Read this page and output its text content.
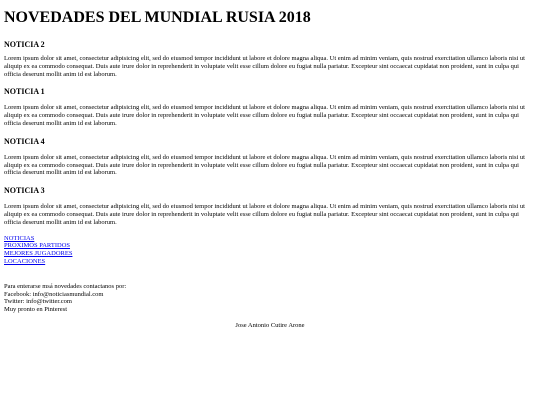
NOVEDADES DEL MUNDIAL RUSIA 2018
NOTICIA 2

Lorem ipsum dolor sit amet, consectetur adipisicing elit, sed do eiusmod tempor incididunt ut labore et dolore magna aliqua. Ut enim ad minim veniam, quis nostrud exercitation ullamco laboris nisi ut aliquip ex ea commodo consequat. Duis aute irure dolor in reprehenderit in voluptate velit esse cillum dolore eu fugiat nulla pariatur. Excepteur sint occaecat cupidatat non proident, sunt in culpa qui officia deserunt mollit anim id est laborum.

NOTICIA 1

Lorem ipsum dolor sit amet, consectetur adipisicing elit, sed do eiusmod tempor incididunt ut labore et dolore magna aliqua. Ut enim ad minim veniam, quis nostrud exercitation ullamco laboris nisi ut aliquip ex ea commodo consequat. Duis aute irure dolor in reprehenderit in voluptate velit esse cillum dolore eu fugiat nulla pariatur. Excepteur sint occaecat cupidatat non proident, sunt in culpa qui officia deserunt mollit anim id est laborum.

NOTICIA 4

Lorem ipsum dolor sit amet, consectetur adipisicing elit, sed do eiusmod tempor incididunt ut labore et dolore magna aliqua. Ut enim ad minim veniam, quis nostrud exercitation ullamco laboris nisi ut aliquip ex ea commodo consequat. Duis aute irure dolor in reprehenderit in voluptate velit esse cillum dolore eu fugiat nulla pariatur. Excepteur sint occaecat cupidatat non proident, sunt in culpa qui officia deserunt mollit anim id est laborum.

NOTICIA 3

Lorem ipsum dolor sit amet, consectetur adipisicing elit, sed do eiusmod tempor incididunt ut labore et dolore magna aliqua. Ut enim ad minim veniam, quis nostrud exercitation ullamco laboris nisi ut aliquip ex ea commodo consequat. Duis aute irure dolor in reprehenderit in voluptate velit esse cillum dolore eu fugiat nulla pariatur. Excepteur sint occaecat cupidatat non proident, sunt in culpa qui officia deserunt mollit anim id est laborum.

NOTICIAS
PROXIMOS PARTIDOS
MEJORES JUGADORES
LOCACIONES
Para enterarse msá novedades contactanos por:
Facebook: info@noticiasmundial.com
Twitter: info@twitter.com
Muy pronto en Pinterest

Jose Antonio Cutire Arone
